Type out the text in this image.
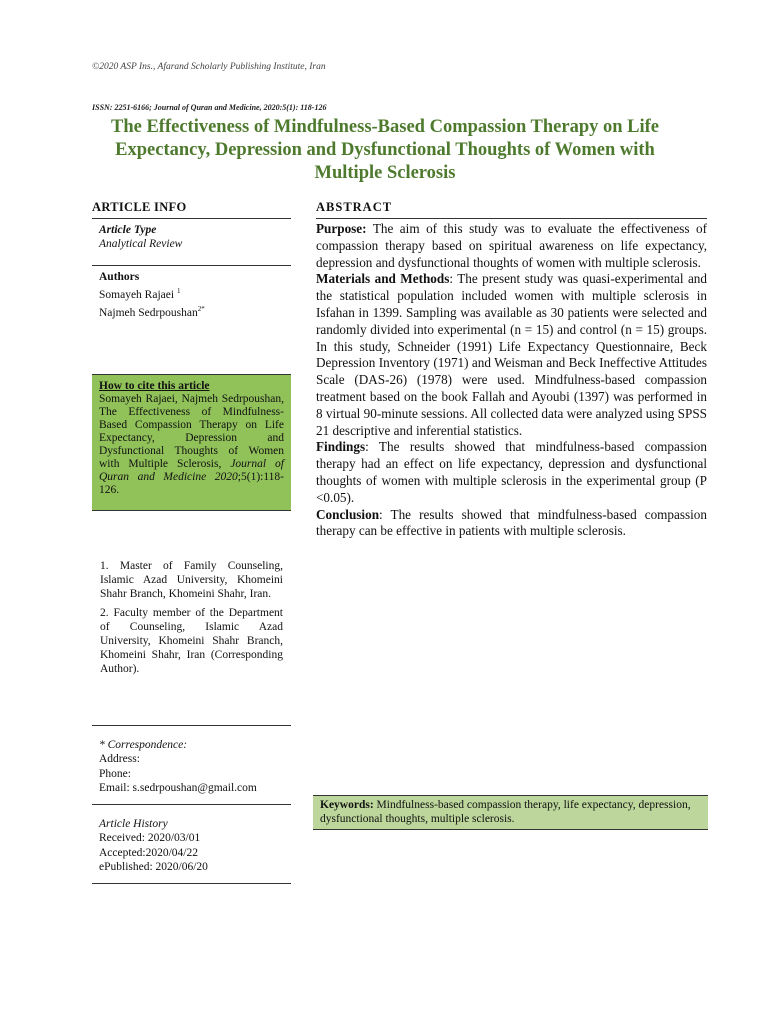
©2020 ASP Ins., Afarand Scholarly Publishing Institute, Iran
ISSN: 2251-6166; Journal of Quran and Medicine, 2020:5(1): 118-126
The Effectiveness of Mindfulness-Based Compassion Therapy on Life Expectancy, Depression and Dysfunctional Thoughts of Women with Multiple Sclerosis
ARTICLE INFO
Article Type
Analytical Review
Authors
Somayeh Rajaei $^1$
Najmeh Sedrpoushan$^{2*}$
How to cite this article
Somayeh Rajaei, Najmeh Sedrpoushan, The Effectiveness of Mindfulness-Based Compassion Therapy on Life Expectancy, Depression and Dysfunctional Thoughts of Women with Multiple Sclerosis, Journal of Quran and Medicine 2020;5(1):118-126.

1. Master of Family Counseling, Islamic Azad University, Khomeini Shahr Branch, Khomeini Shahr, Iran.

2. Faculty member of the Department of Counseling, Islamic Azad University, Khomeini Shahr Branch, Khomeini Shahr, Iran (Corresponding Author).

* Correspondence:
Address:
Phone:
Email: s.sedrpoushan@gmail.com
Article History
Received: 2020/03/01
Accepted:2020/04/22
ePublished: 2020/06/20
ABSTRACT

Purpose: The aim of this study was to evaluate the effectiveness of compassion therapy based on spiritual awareness on life expectancy, depression and dysfunctional thoughts of women with multiple sclerosis.

Materials and Methods: The present study was quasi-experimental and the statistical population included women with multiple sclerosis in Isfahan in 1399. Sampling was available as 30 patients were selected and randomly divided into experimental (n = 15) and control (n = 15) groups. In this study, Schneider (1991) Life Expectancy Questionnaire, Beck Depression Inventory (1971) and Weisman and Beck Ineffective Attitudes Scale (DAS-26) (1978) were used. Mindfulness-based compassion treatment based on the book Fallah and Ayoubi (1397) was performed in 8 virtual 90-minute sessions. All collected data were analyzed using SPSS 21 descriptive and inferential statistics.

Findings: The results showed that mindfulness-based compassion therapy had an effect on life expectancy, depression and dysfunctional thoughts of women with multiple sclerosis in the experimental group (P <0.05).

Conclusion: The results showed that mindfulness-based compassion therapy can be effective in patients with multiple sclerosis.

Keywords: Mindfulness-based compassion therapy, life expectancy, depression, dysfunctional thoughts, multiple sclerosis.
